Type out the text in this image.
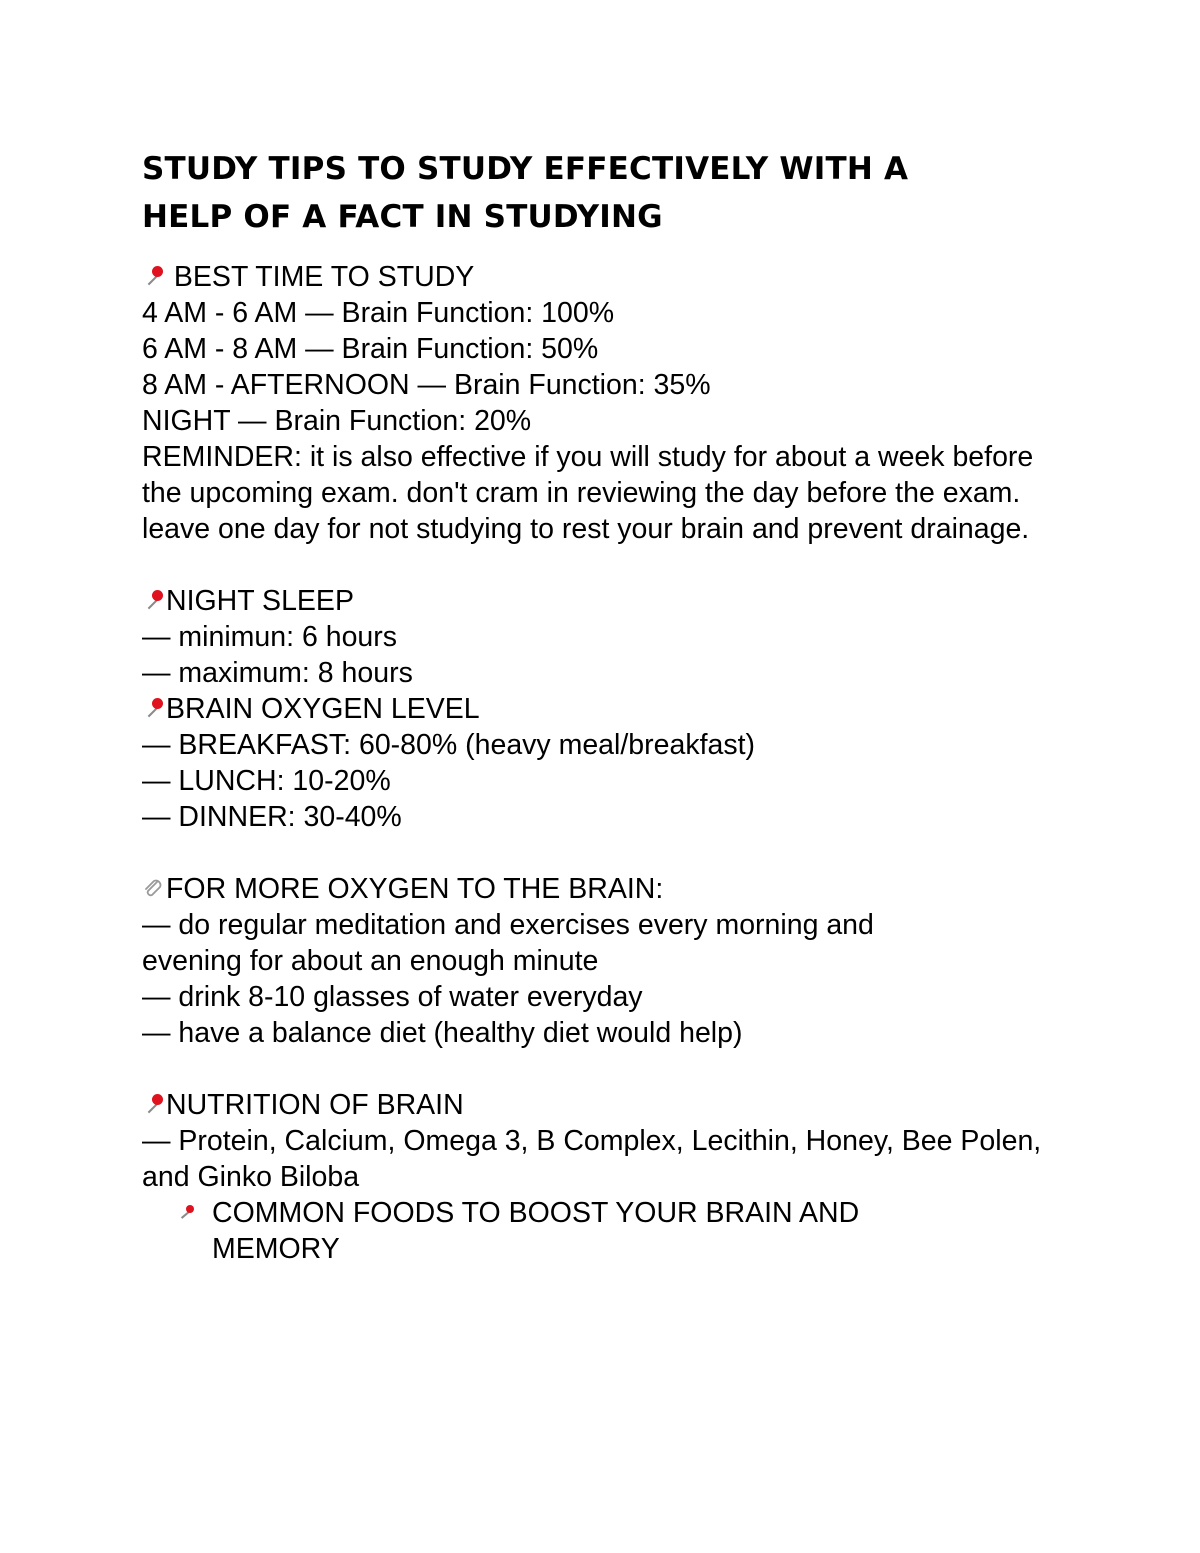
STUDY TIPS TO STUDY EFFECTIVELY WITH A
HELP OF A FACT IN STUDYING
BEST TIME TO STUDY
4 AM - 6 AM — Brain Function: 100%
6 AM - 8 AM — Brain Function: 50%
8 AM - AFTERNOON — Brain Function: 35%
NIGHT — Brain Function: 20%
REMINDER: it is also effective if you will study for about a week before the upcoming exam. don't cram in reviewing the day before the exam. leave one day for not studying to rest your brain and prevent drainage.
NIGHT SLEEP
— minimun: 6 hours
— maximum: 8 hours
BRAIN OXYGEN LEVEL
— BREAKFAST: 60-80% (heavy meal/breakfast)
— LUNCH: 10-20%
— DINNER: 30-40%
FOR MORE OXYGEN TO THE BRAIN:
— do regular meditation and exercises every morning and evening for about an enough minute
— drink 8-10 glasses of water everyday
— have a balance diet (healthy diet would help)
NUTRITION OF BRAIN
— Protein, Calcium, Omega 3, B Complex, Lecithin, Honey, Bee Polen, and Ginko Biloba
COMMON FOODS TO BOOST YOUR BRAIN AND MEMORY
